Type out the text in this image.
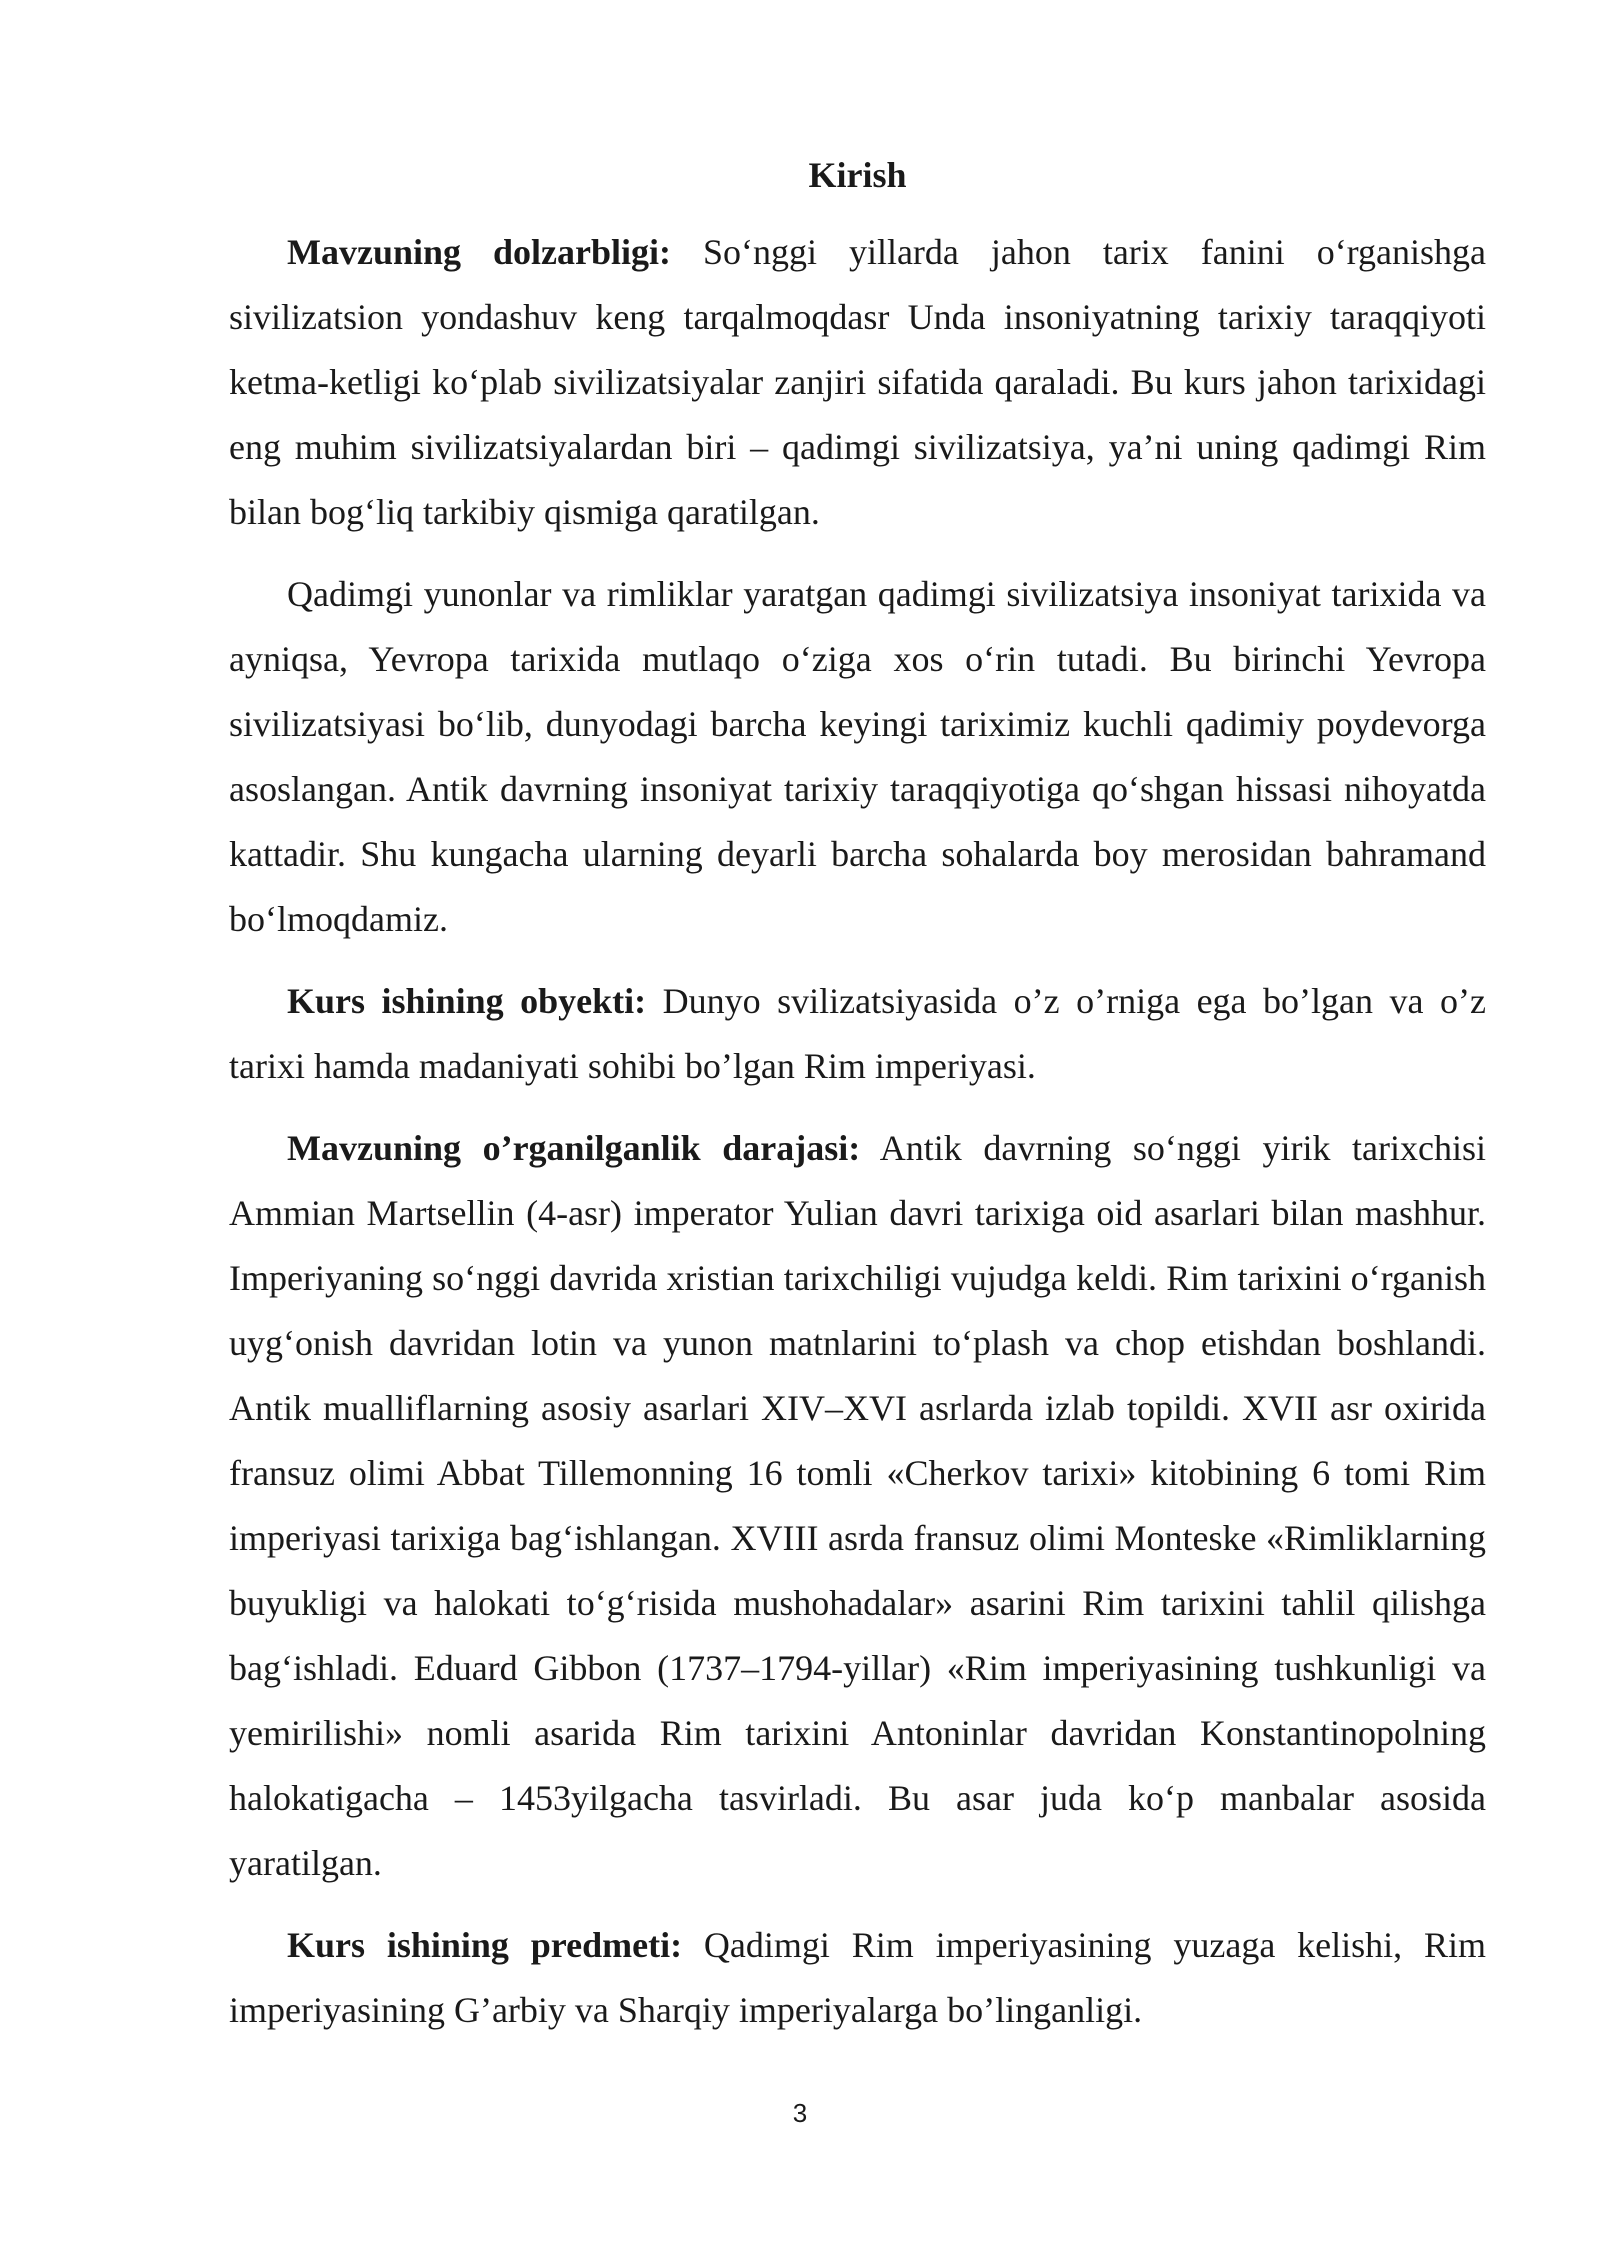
Kirish

Mavzuning dolzarbligi: So‘nggi yillarda jahon tarix fanini o‘rganishga sivilizatsion yondashuv keng tarqalmoqdasr Unda insoniyatning tarixiy taraqqiyoti ketma-ketligi ko‘plab sivilizatsiyalar zanjiri sifatida qaraladi. Bu kurs jahon tarixidagi eng muhim sivilizatsiyalardan biri – qadimgi sivilizatsiya, ya’ni uning qadimgi Rim bilan bog‘liq tarkibiy qismiga qaratilgan.

Qadimgi yunonlar va rimliklar yaratgan qadimgi sivilizatsiya insoniyat tarixida va ayniqsa, Yevropa tarixida mutlaqo o‘ziga xos o‘rin tutadi. Bu birinchi Yevropa sivilizatsiyasi bo‘lib, dunyodagi barcha keyingi tariximiz kuchli qadimiy poydevorga asoslangan. Antik davrning insoniyat tarixiy taraqqiyotiga qo‘shgan hissasi nihoyatda kattadir. Shu kungacha ularning deyarli barcha sohalarda boy merosidan bahramand bo‘lmoqdamiz.

Kurs ishining obyekti: Dunyo svilizatsiyasida o’z o’rniga ega bo’lgan va o’z tarixi hamda madaniyati sohibi bo’lgan Rim imperiyasi.

Mavzuning o’rganilganlik darajasi: Antik davrning so‘nggi yirik tarixchisi Ammian Martsellin (4-asr) imperator Yulian davri tarixiga oid asarlari bilan mashhur. Imperiyaning so‘nggi davrida xristian tarixchiligi vujudga keldi. Rim tarixini o‘rganish uyg‘onish davridan lotin va yunon matnlarini to‘plash va chop etishdan boshlandi. Antik mualliflarning asosiy asarlari XIV–XVI asrlarda izlab topildi. XVII asr oxirida fransuz olimi Abbat Tillemonning 16 tomli «Cherkov tarixi» kitobining 6 tomi Rim imperiyasi tarixiga bag‘ishlangan. XVIII asrda fransuz olimi Monteske «Rimliklarning buyukligi va halokati to‘g‘risida mushohadalar» asarini Rim tarixini tahlil qilishga bag‘ishladi. Eduard Gibbon (1737–1794-yillar) «Rim imperiyasining tushkunligi va yemirilishi» nomli asarida Rim tarixini Antoninlar davridan Konstantinopolning halokatigacha – 1453yilgacha tasvirladi. Bu asar juda ko‘p manbalar asosida yaratilgan.

Kurs ishining predmeti: Qadimgi Rim imperiyasining yuzaga kelishi, Rim imperiyasining G’arbiy va Sharqiy imperiyalarga bo’linganligi.

3
